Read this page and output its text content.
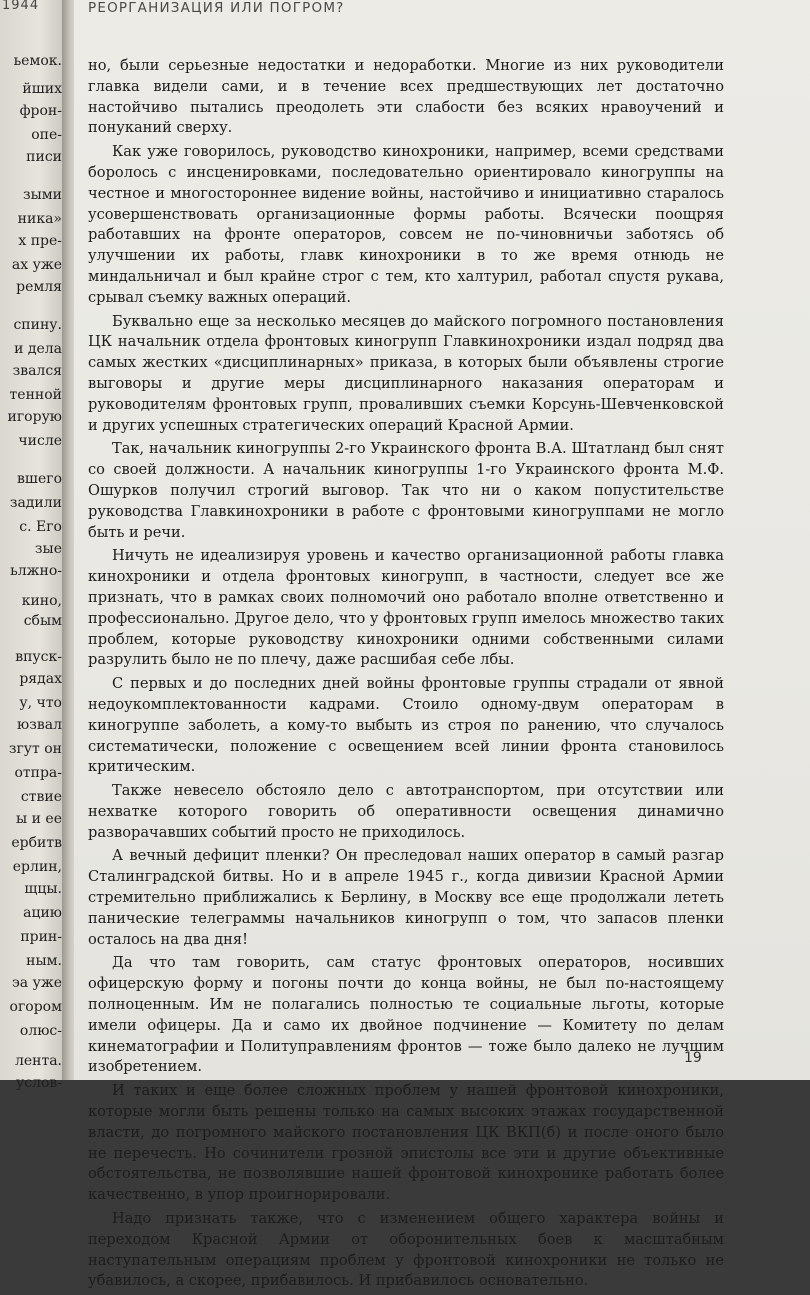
1944
ьемок.
йших
фрон-
опе-
писи
зыми
ника»
х пре-
ах уже
ремля
спину.
и дела
звался
тенной
игорую
числе
вшего
задили
с. Его
зые
ьлжно-
кино,
сбым
впуск-
рядах
у, что
юзвал
згут он
отпра-
ствие
ы и ее
ербитв
ерлин,
щцы.
ацию
прин-
ным.
эа уже
огором
олюс-
лента.
услов-
РЕОРГАНИЗАЦИЯ ИЛИ ПОГРОМ?

но, были серьезные недостатки и недоработки. Многие из них руководители главка видели сами, и в течение всех предшествующих лет достаточно настойчиво пытались преодолеть эти слабости без всяких нравоучений и понуканий сверху.

Как уже говорилось, руководство кинохроники, например, всеми средствами боролось с инсценировками, последовательно ориентировало киногруппы на честное и многостороннее видение войны, настойчиво и инициативно старалось усовершенствовать организационные формы работы. Всячески поощряя работавших на фронте операторов, совсем не по-чиновничьи заботясь об улучшении их работы, главк кинохроники в то же время отнюдь не миндальничал и был крайне строг с тем, кто халтурил, работал спустя рукава, срывал съемку важных операций.

Буквально еще за несколько месяцев до майского погромного постановления ЦК начальник отдела фронтовых киногрупп Главкинохроники издал подряд два самых жестких «дисциплинарных» приказа, в которых были объявлены строгие выговоры и другие меры дисциплинарного наказания операторам и руководителям фронтовых групп, проваливших съемки Корсунь-Шевченковской и других успешных стратегических операций Красной Армии.

Так, начальник киногруппы 2-го Украинского фронта В.А. Штатланд был снят со своей должности. А начальник киногруппы 1-го Украинского фронта М.Ф. Ошурков получил строгий выговор. Так что ни о каком попустительстве руководства Главкинохроники в работе с фронтовыми киногруппами не могло быть и речи.

Ничуть не идеализируя уровень и качество организационной работы главка кинохроники и отдела фронтовых киногрупп, в частности, следует все же признать, что в рамках своих полномочий оно работало вполне ответственно и профессионально. Другое дело, что у фронтовых групп имелось множество таких проблем, которые руководству кинохроники одними собственными силами разрулить было не по плечу, даже расшибая себе лбы.

С первых и до последних дней войны фронтовые группы страдали от явной недоукомплектованности кадрами. Стоило одному-двум операторам в киногруппе заболеть, а кому-то выбыть из строя по ранению, что случалось систематически, положение с освещением всей линии фронта становилось критическим.

Также невесело обстояло дело с автотранспортом, при отсутствии или нехватке которого говорить об оперативности освещения динамично разворачавших событий просто не приходилось.

А вечный дефицит пленки? Он преследовал наших оператор в самый разгар Сталинградской битвы. Но и в апреле 1945 г., когда дивизии Красной Армии стремительно приближались к Берлину, в Москву все еще продолжали лететь панические телеграммы начальников киногрупп о том, что запасов пленки осталось на два дня!

Да что там говорить, сам статус фронтовых операторов, носивших офицерскую форму и погоны почти до конца войны, не был по-настоящему полноценным. Им не полагались полностью те социальные льготы, которые имели офицеры. Да и само их двойное подчинение — Комитету по делам кинематографии и Политуправлениям фронтов — тоже было далеко не лучшим изобретением.

И таких и еще более сложных проблем у нашей фронтовой кинохроники, которые могли быть решены только на самых высоких этажах государственной власти, до погромного майского постановления ЦК ВКП(б) и после оного было не перечесть. Но сочинители грозной эпистолы все эти и другие объективные обстоятельства, не позволявшие нашей фронтовой кинохронике работать более качественно, в упор проигнорировали.

Надо признать также, что с изменением общего характера войны и переходом Красной Армии от оборонительных боев к масштабным наступательным операциям проблем у фронтовой кинохроники не только не убавилось, а скорее, прибавилось. И прибавилось основательно.

19
